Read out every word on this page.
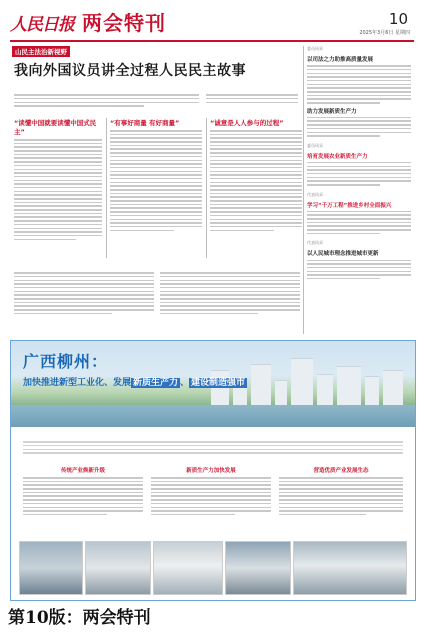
人民日报 两会特刊	10
2025年3月6日 星期四
山民主法治新视野
我向外国议员讲全过程人民民主故事
“读懂中国就要读懂中国式民主”
“有事好商量 有好商量”	“诚意是人人参与的过程”
委员风采
以司法之力助推高质量发展
助力发展新质生产力
委员风采
培育发展农业新质生产力
代表风采
学习“千万工程”推进乡村全面振兴
代表风采
以人民城市理念推进城市更新
广西柳州：
加快推进新型工业化、发展 新质生产力 、 建设制造强市
传统产业焕新升级	新质生产力加快发展	营造优质产业发展生态
第10版：两会特刊
